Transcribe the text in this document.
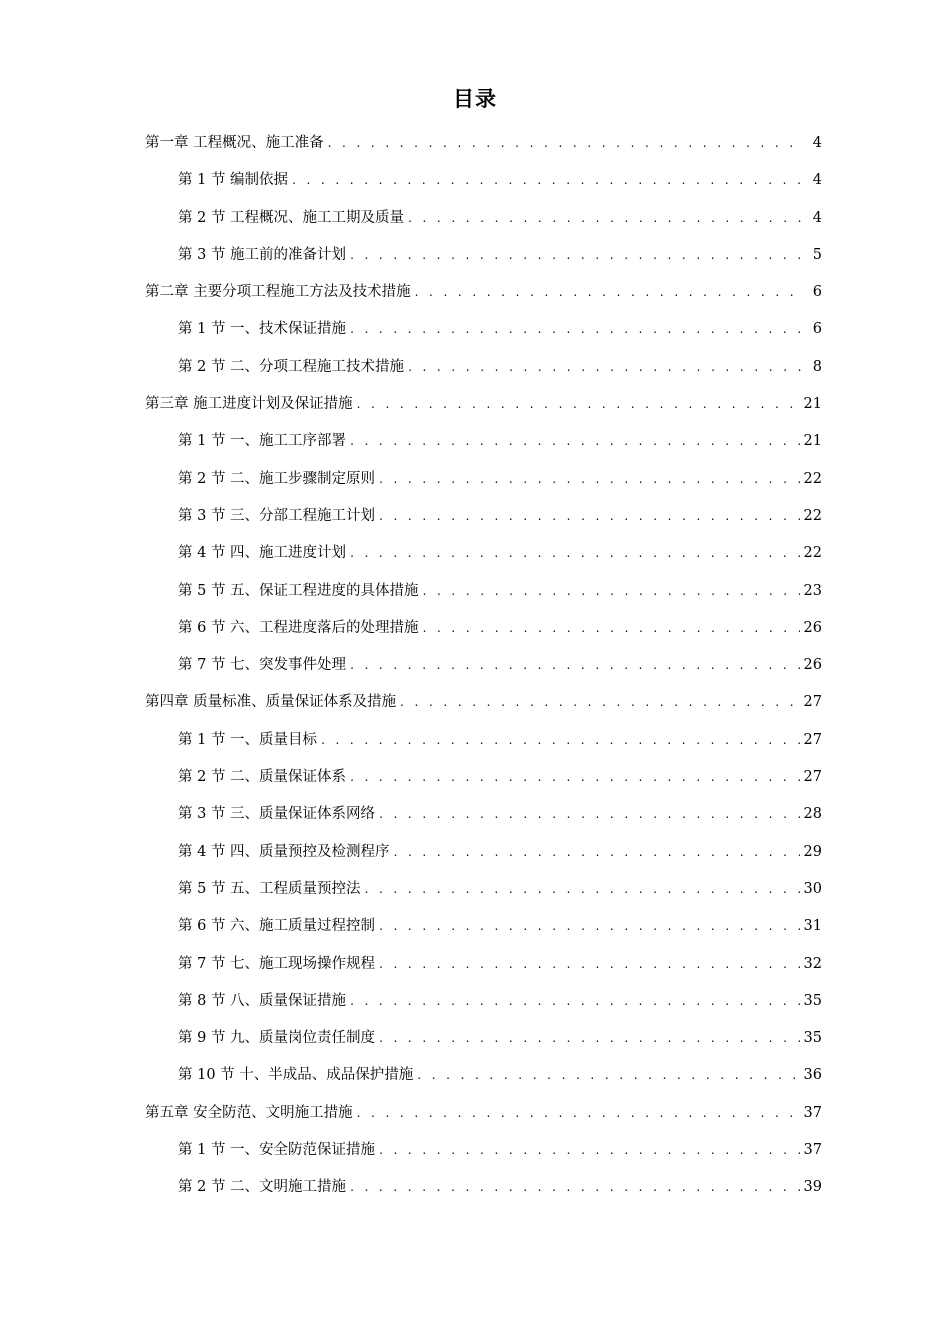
目录
第一章 工程概况、施工准备 . . .	4
第 1 节 编制依据 . . .	4
第 2 节 工程概况、施工工期及质量 . . .	4
第 3 节 施工前的准备计划 . . .	5
第二章 主要分项工程施工方法及技术措施 . . .	6
第 1 节 一、技术保证措施 . . .	6
第 2 节 二、分项工程施工技术措施 . . .	8
第三章 施工进度计划及保证措施 . . .	21
第 1 节 一、施工工序部署 . . .	21
第 2 节 二、施工步骤制定原则 . . .	22
第 3 节 三、分部工程施工计划 . . .	22
第 4 节 四、施工进度计划 . . .	22
第 5 节 五、保证工程进度的具体措施 . . .	23
第 6 节 六、工程进度落后的处理措施 . . .	26
第 7 节 七、突发事件处理 . . .	26
第四章 质量标准、质量保证体系及措施 . . .	27
第 1 节 一、质量目标 . . .	27
第 2 节 二、质量保证体系 . . .	27
第 3 节 三、质量保证体系网络 . . .	28
第 4 节 四、质量预控及检测程序 . . .	29
第 5 节 五、工程质量预控法 . . .	30
第 6 节 六、施工质量过程控制 . . .	31
第 7 节 七、施工现场操作规程 . . .	32
第 8 节 八、质量保证措施 . . .	35
第 9 节 九、质量岗位责任制度 . . .	35
第 10 节 十、半成品、成品保护措施 . . .	36
第五章 安全防范、文明施工措施 . . .	37
第 1 节 一、安全防范保证措施 . . .	37
第 2 节 二、文明施工措施 . . .	39
